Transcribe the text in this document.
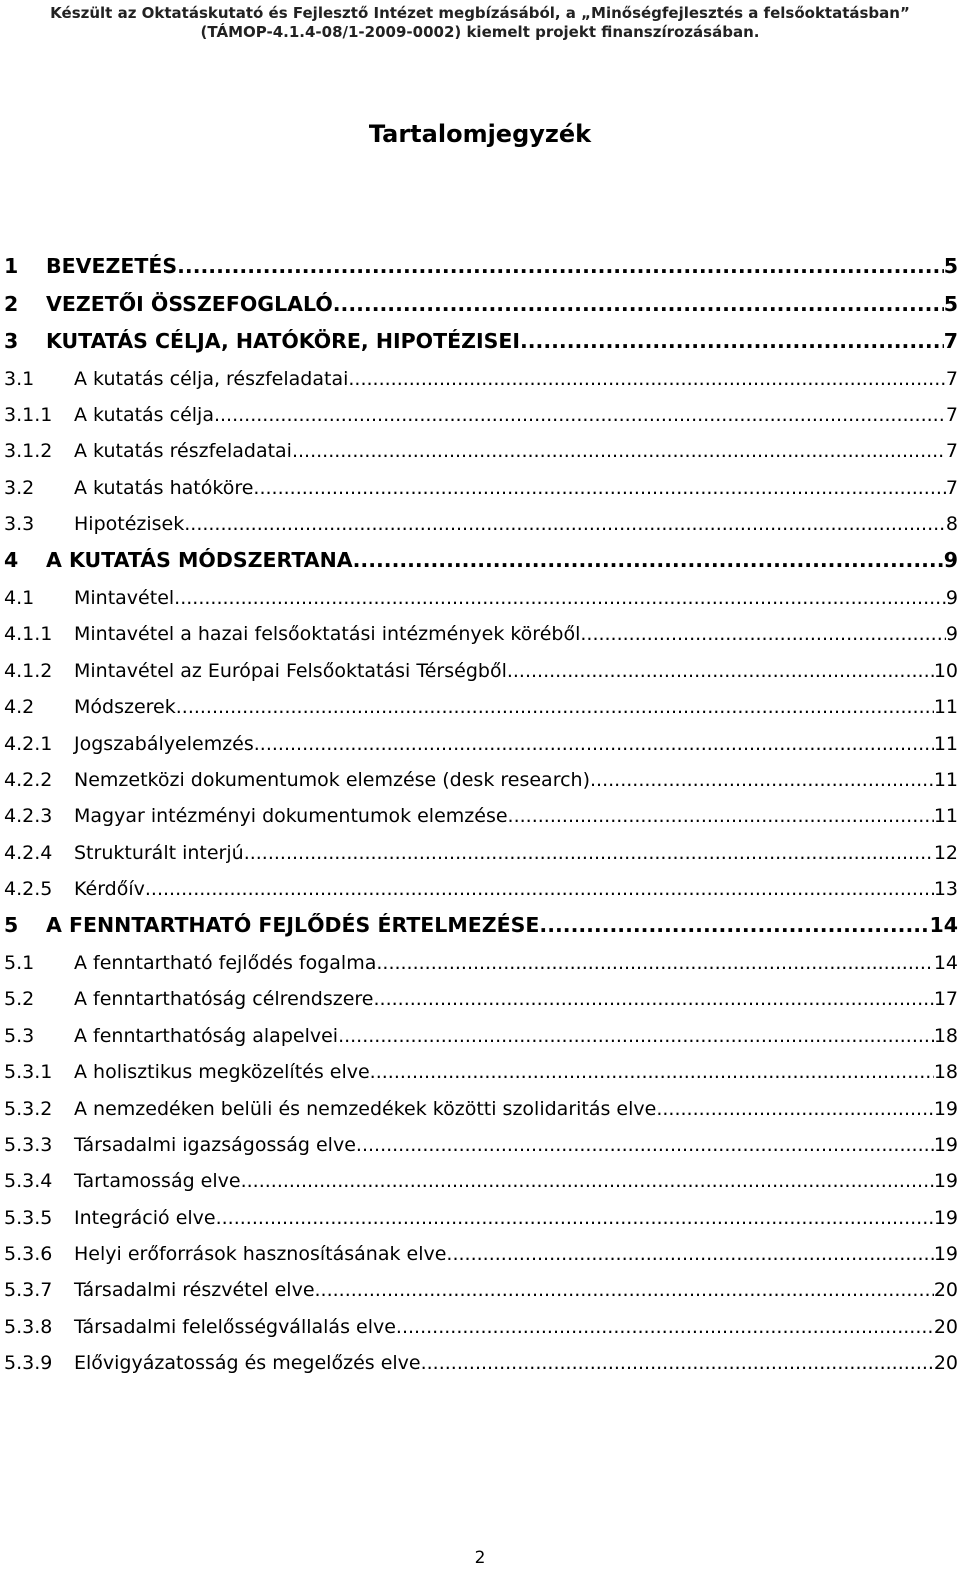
Készült az Oktatáskutató és Fejlesztő Intézet megbízásából, a „Minőségfejlesztés a felsőoktatásban”
(TÁMOP-4.1.4-08/1-2009-0002) kiemelt projekt finanszírozásában.
Tartalomjegyzék
1	BEVEZETÉS .....	5
2	VEZETŐI ÖSSZEFOGLALÓ .....	5
3	KUTATÁS CÉLJA, HATÓKÖRE, HIPOTÉZISEI .....	7
3.1	A kutatás célja, részfeladatai .....	7
3.1.1	A kutatás célja .....	7
3.1.2	A kutatás részfeladatai .....	7
3.2	A kutatás hatóköre .....	7
3.3	Hipotézisek .....	8
4	A KUTATÁS MÓDSZERTANA .....	9
4.1	Mintavétel .....	9
4.1.1	Mintavétel a hazai felsőoktatási intézmények köréből .....	9
4.1.2	Mintavétel az Európai Felsőoktatási Térségből .....	10
4.2	Módszerek .....	11
4.2.1	Jogszabályelemzés .....	11
4.2.2	Nemzetközi dokumentumok elemzése (desk research) .....	11
4.2.3	Magyar intézményi dokumentumok elemzése .....	11
4.2.4	Strukturált interjú .....	12
4.2.5	Kérdőív .....	13
5	A FENNTARTHATÓ FEJLŐDÉS ÉRTELMEZÉSE .....	14
5.1	A fenntartható fejlődés fogalma .....	14
5.2	A fenntarthatóság célrendszere .....	17
5.3	A fenntarthatóság alapelvei .....	18
5.3.1	A holisztikus megközelítés elve .....	18
5.3.2	A nemzedéken belüli és nemzedékek közötti szolidaritás elve .....	19
5.3.3	Társadalmi igazságosság elve .....	19
5.3.4	Tartamosság elve .....	19
5.3.5	Integráció elve .....	19
5.3.6	Helyi erőforrások hasznosításának elve .....	19
5.3.7	Társadalmi részvétel elve .....	20
5.3.8	Társadalmi felelősségvállalás elve .....	20
5.3.9	Elővigyázatosság és megelőzés elve .....	20
2
